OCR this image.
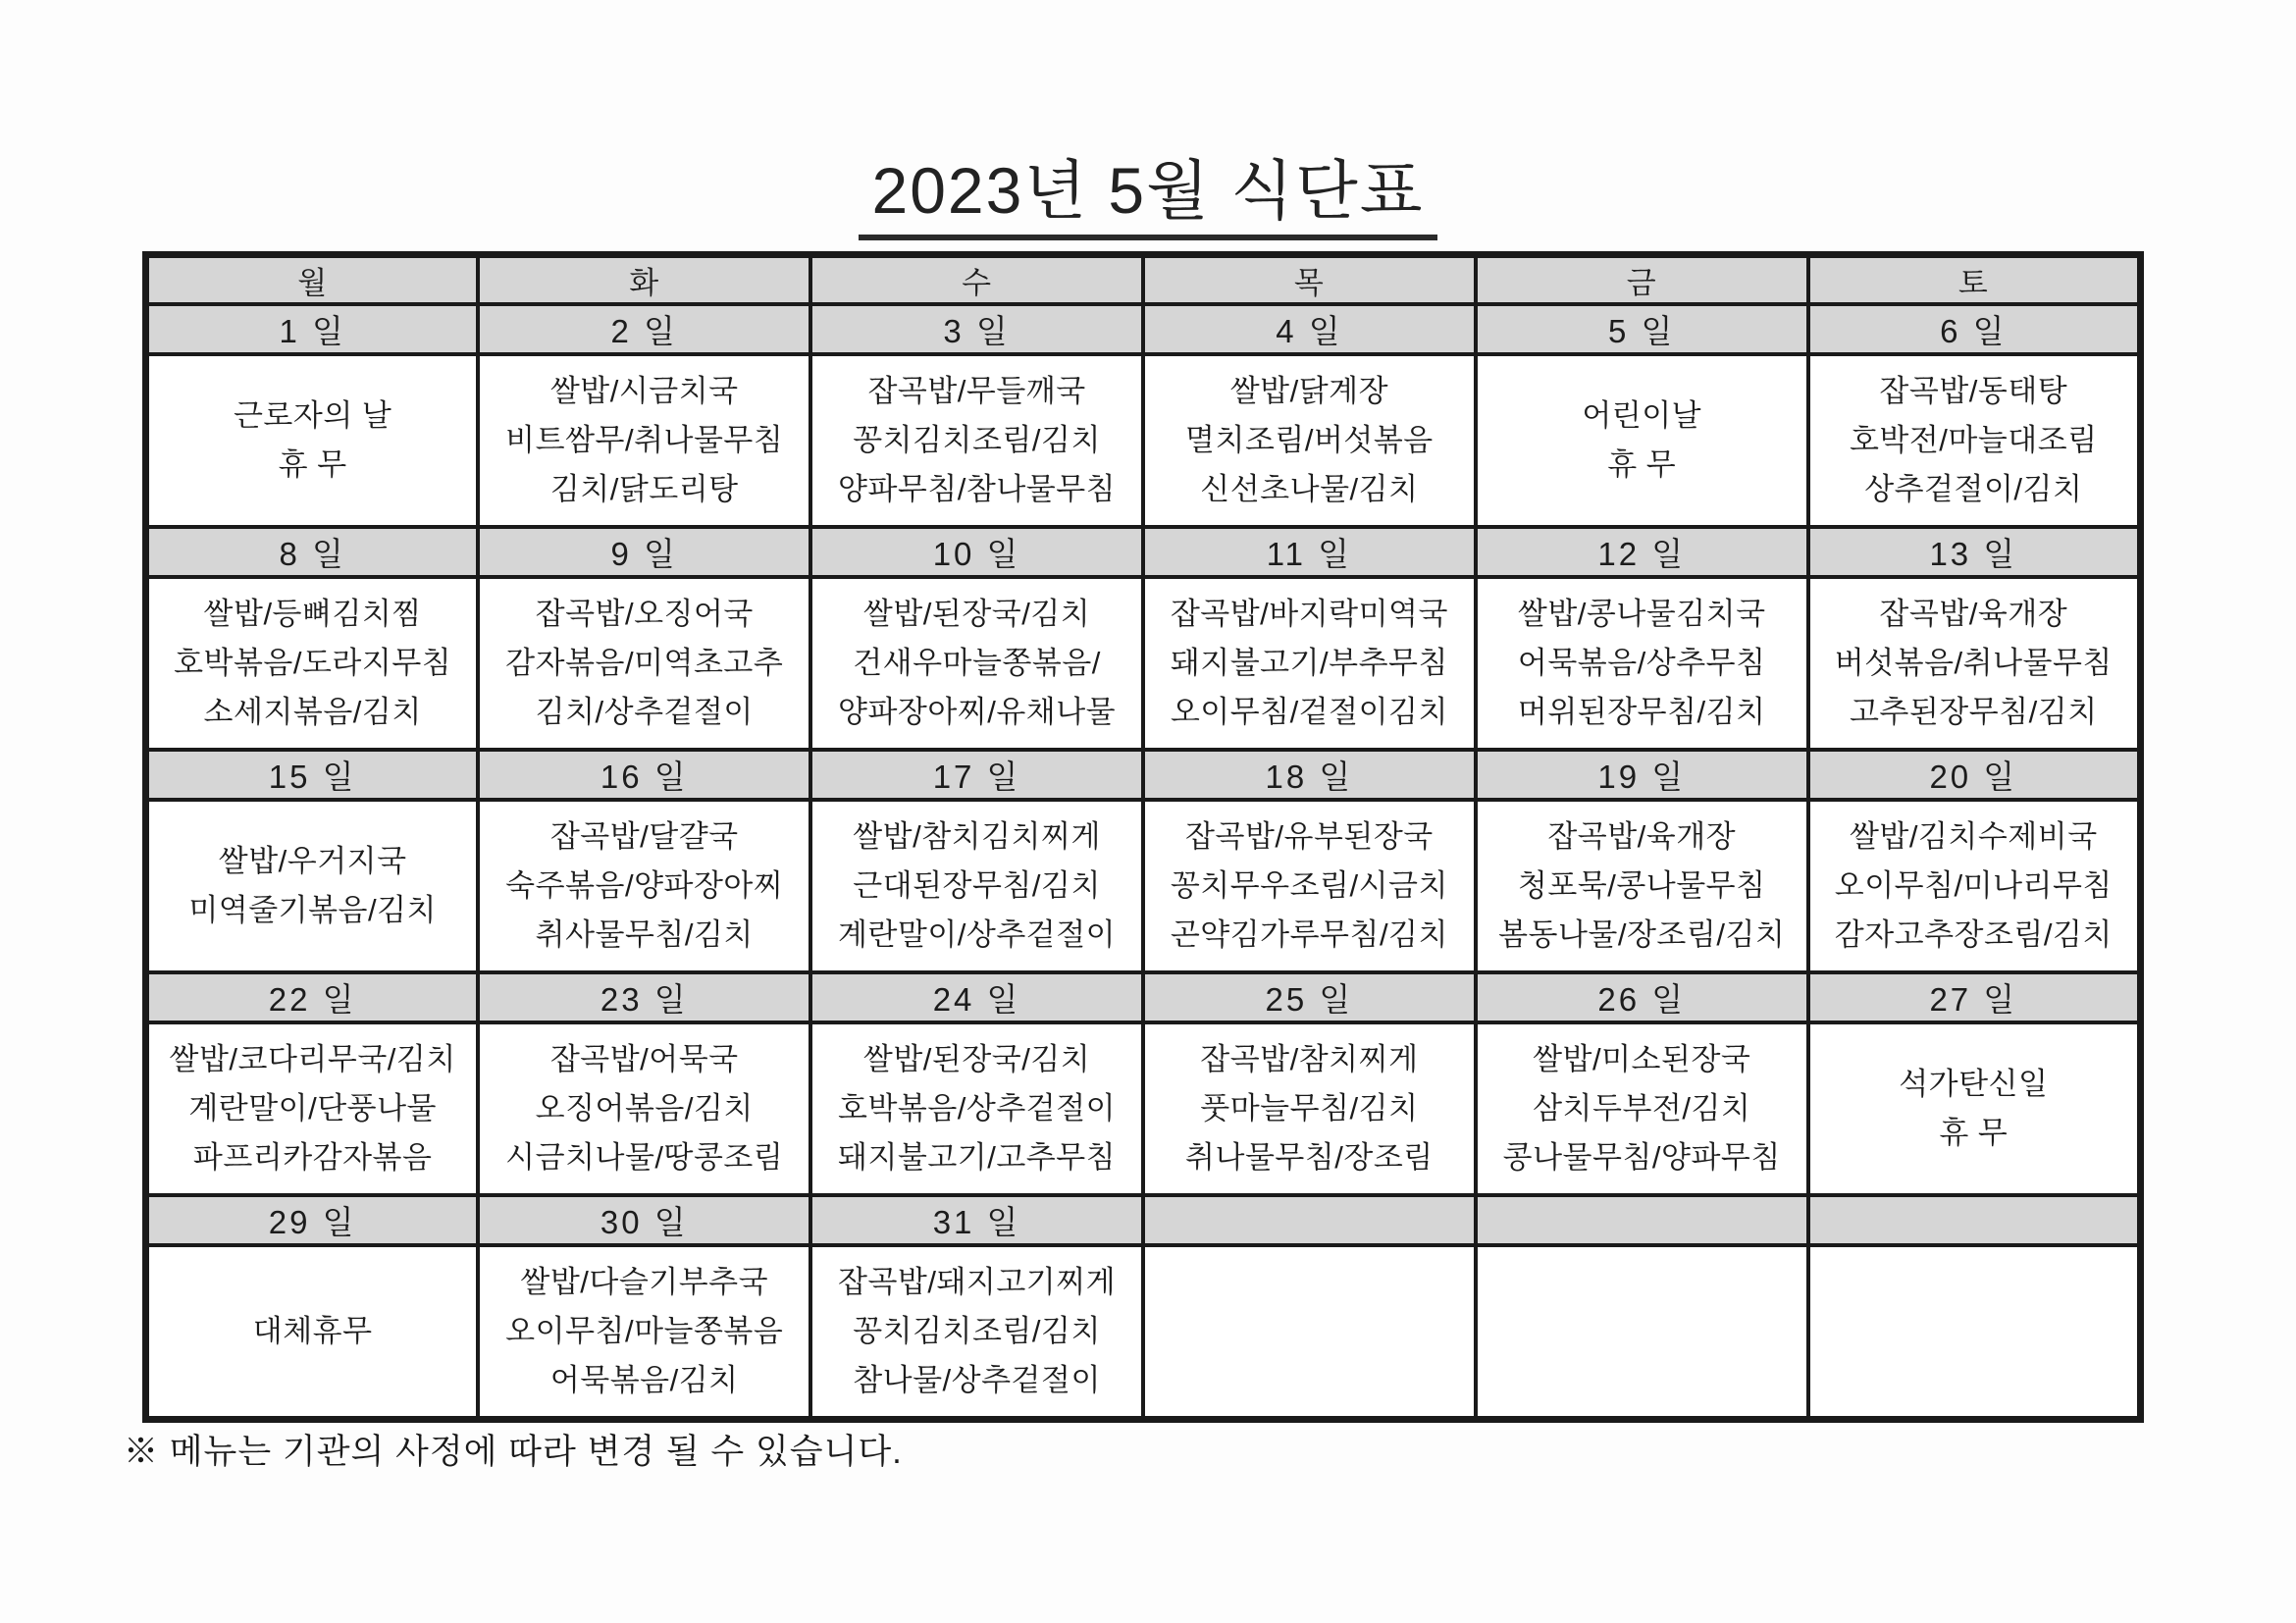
2023년 5월 식단표
월	화	수	목	금	토
1 일	2 일	3 일	4 일	5 일	6 일

근로자의 날
휴 무

쌀밥/시금치국
비트쌈무/취나물무침
김치/닭도리탕

잡곡밥/무들깨국
꽁치김치조림/김치
양파무침/참나물무침

쌀밥/닭계장
멸치조림/버섯볶음
신선초나물/김치

어린이날
휴 무

잡곡밥/동태탕
호박전/마늘대조림
상추겉절이/김치

8 일	9 일	10 일	11 일	12 일	13 일

쌀밥/등뼈김치찜
호박볶음/도라지무침
소세지볶음/김치

잡곡밥/오징어국
감자볶음/미역초고추
김치/상추겉절이

쌀밥/된장국/김치
건새우마늘쫑볶음/
양파장아찌/유채나물

잡곡밥/바지락미역국
돼지불고기/부추무침
오이무침/겉절이김치

쌀밥/콩나물김치국
어묵볶음/상추무침
머위된장무침/김치

잡곡밥/육개장
버섯볶음/취나물무침
고추된장무침/김치

15 일	16 일	17 일	18 일	19 일	20 일

쌀밥/우거지국
미역줄기볶음/김치

잡곡밥/달걀국
숙주볶음/양파장아찌
취사물무침/김치

쌀밥/참치김치찌게
근대된장무침/김치
계란말이/상추겉절이

잡곡밥/유부된장국
꽁치무우조림/시금치
곤약김가루무침/김치

잡곡밥/육개장
청포묵/콩나물무침
봄동나물/장조림/김치

쌀밥/김치수제비국
오이무침/미나리무침
감자고추장조림/김치

22 일	23 일	24 일	25 일	26 일	27 일

쌀밥/코다리무국/김치
계란말이/단풍나물
파프리카감자볶음

잡곡밥/어묵국
오징어볶음/김치
시금치나물/땅콩조림

쌀밥/된장국/김치
호박볶음/상추겉절이
돼지불고기/고추무침

잡곡밥/참치찌게
풋마늘무침/김치
취나물무침/장조림

쌀밥/미소된장국
삼치두부전/김치
콩나물무침/양파무침

석가탄신일
휴 무

29 일	30 일	31 일			

대체휴무

쌀밥/다슬기부추국
오이무침/마늘쫑볶음
어묵볶음/김치

잡곡밥/돼지고기찌게
꽁치김치조림/김치
참나물/상추겉절이

※ 메뉴는 기관의 사정에 따라 변경 될 수 있습니다.
